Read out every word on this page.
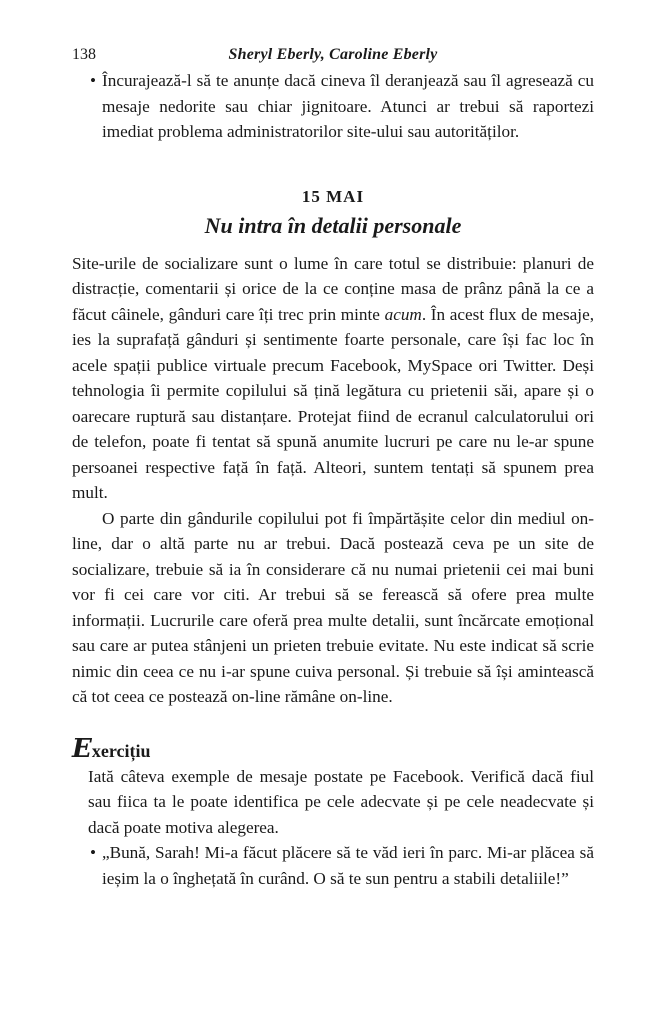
138	Sheryl Eberly, Caroline Eberly
• Încurajează-l să te anunțe dacă cineva îl deranjează sau îl agresează cu mesaje nedorite sau chiar jignitoare. Atunci ar trebui să raportezi imediat problema administratorilor site-ului sau autorităților.
15 MAI
Nu intra în detalii personale

Site-urile de socializare sunt o lume în care totul se distribuie: planuri de distracție, comentarii și orice de la ce conține masa de prânz până la ce a făcut câinele, gânduri care îți trec prin minte acum. În acest flux de mesaje, ies la suprafață gânduri și sentimente foarte personale, care își fac loc în acele spații publice virtuale precum Facebook, MySpace ori Twitter. Deși tehnologia îi permite copilului să țină legătura cu prietenii săi, apare și o oarecare ruptură sau distanțare. Protejat fiind de ecranul calculatorului ori de telefon, poate fi tentat să spună anumite lucruri pe care nu le-ar spune persoanei respective față în față. Alteori, suntem tentați să spunem prea mult.

O parte din gândurile copilului pot fi împărtășite celor din mediul on-line, dar o altă parte nu ar trebui. Dacă postează ceva pe un site de socializare, trebuie să ia în considerare că nu numai prietenii cei mai buni vor fi cei care vor citi. Ar trebui să se ferească să ofere prea multe informații. Lucrurile care oferă prea multe detalii, sunt încărcate emoțional sau care ar putea stânjeni un prieten trebuie evitate. Nu este indicat să scrie nimic din ceea ce nu i-ar spune cuiva personal. Și trebuie să își amintească că tot ceea ce postează on-line rămâne on-line.

Exercițiu

Iată câteva exemple de mesaje postate pe Facebook. Verifică dacă fiul sau fiica ta le poate identifica pe cele adecvate și pe cele neadecvate și dacă poate motiva alegerea.

• „Bună, Sarah! Mi-a făcut plăcere să te văd ieri în parc. Mi-ar plăcea să ieșim la o înghețată în curând. O să te sun pentru a stabili detaliile!”
